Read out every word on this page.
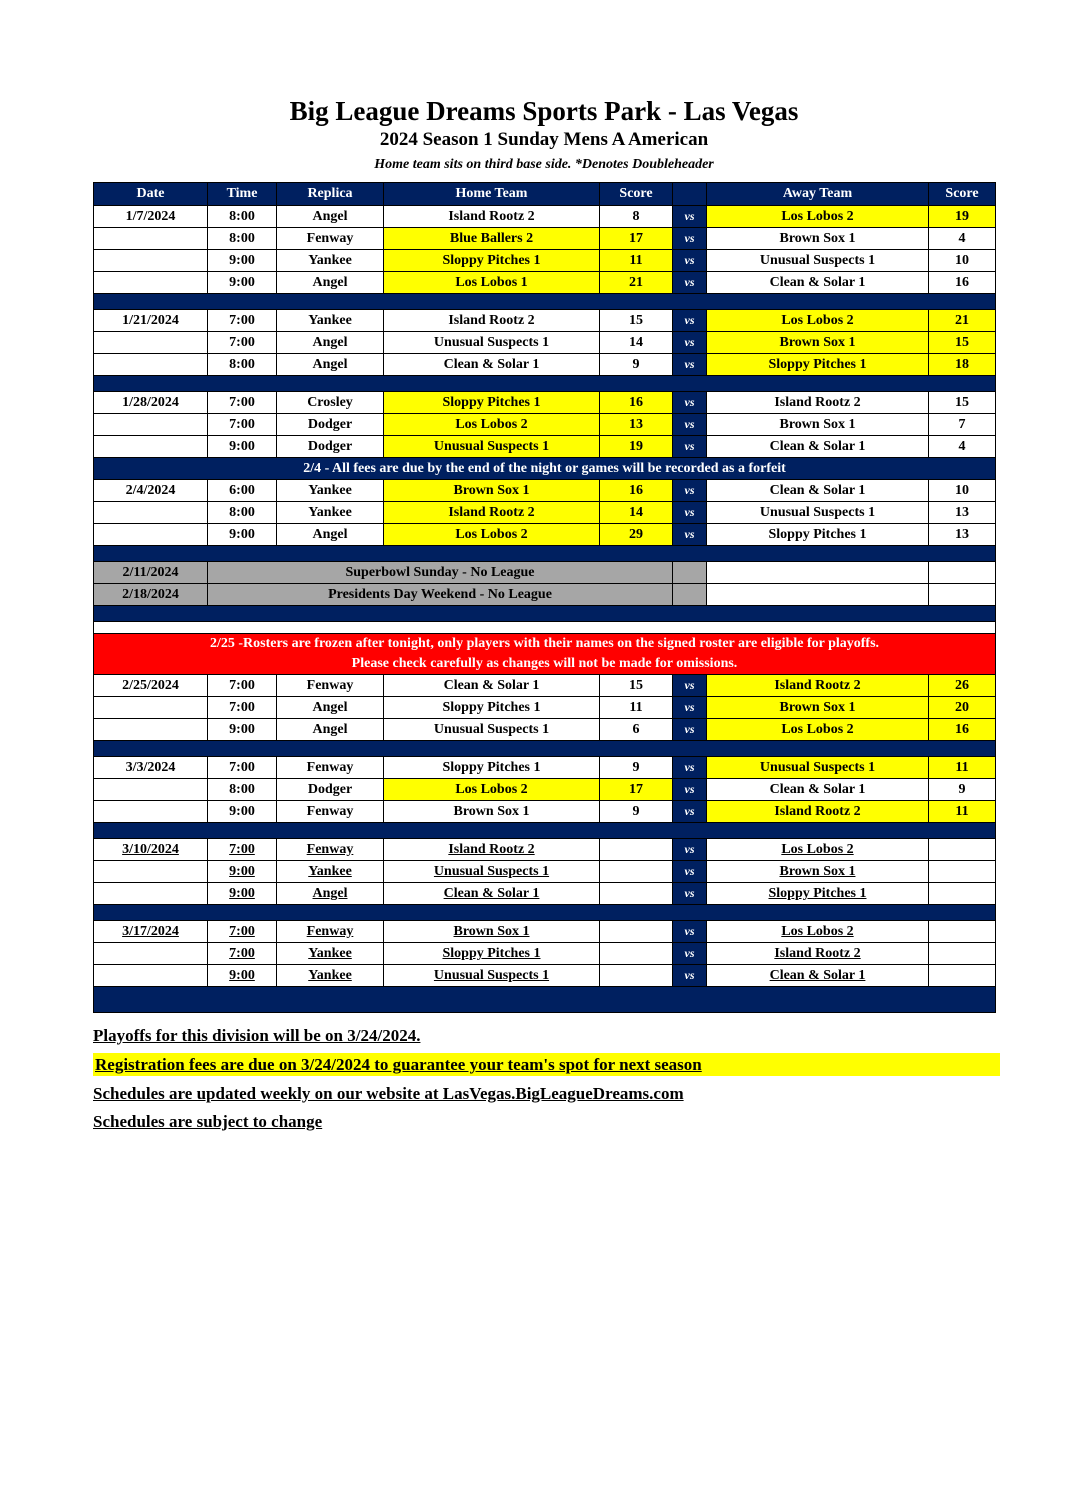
Big League Dreams Sports Park - Las Vegas
2024 Season 1 Sunday Mens A American
Home team sits on third base side. *Denotes Doubleheader
Date	Time	Replica	Home Team	Score		Away Team	Score
1/7/2024	8:00	Angel	Island Rootz 2	8	vs	Los Lobos 2	19
	8:00	Fenway	Blue Ballers 2	17	vs	Brown Sox 1	4
	9:00	Yankee	Sloppy Pitches 1	11	vs	Unusual Suspects 1	10
	9:00	Angel	Los Lobos 1	21	vs	Clean & Solar 1	16

1/21/2024	7:00	Yankee	Island Rootz 2	15	vs	Los Lobos 2	21
	7:00	Angel	Unusual Suspects 1	14	vs	Brown Sox 1	15
	8:00	Angel	Clean & Solar 1	9	vs	Sloppy Pitches 1	18

1/28/2024	7:00	Crosley	Sloppy Pitches 1	16	vs	Island Rootz 2	15
	7:00	Dodger	Los Lobos 2	13	vs	Brown Sox 1	7
	9:00	Dodger	Unusual Suspects 1	19	vs	Clean & Solar 1	4

2/4 - All fees are due by the end of the night or games will be recorded as a forfeit							

2/4/2024	6:00	Yankee	Brown Sox 1	16	vs	Clean & Solar 1	10
	8:00	Yankee	Island Rootz 2	14	vs	Unusual Suspects 1	13
	9:00	Angel	Los Lobos 2	29	vs	Sloppy Pitches 1	13

2/11/2024	Superbowl Sunday - No League						
2/18/2024	Presidents Day Weekend - No League						

2/25 -Rosters are frozen after tonight, only players with their names on the signed roster are eligible for playoffs.
Please check carefully as changes will not be made for omissions.							

2/25/2024	7:00	Fenway	Clean & Solar 1	15	vs	Island Rootz 2	26
	7:00	Angel	Sloppy Pitches 1	11	vs	Brown Sox 1	20
	9:00	Angel	Unusual Suspects 1	6	vs	Los Lobos 2	16

3/3/2024	7:00	Fenway	Sloppy Pitches 1	9	vs	Unusual Suspects 1	11
	8:00	Dodger	Los Lobos 2	17	vs	Clean & Solar 1	9
	9:00	Fenway	Brown Sox 1	9	vs	Island Rootz 2	11

3/10/2024	7:00	Fenway	Island Rootz 2		vs	Los Lobos 2	
	9:00	Yankee	Unusual Suspects 1		vs	Brown Sox 1	
	9:00	Angel	Clean & Solar 1		vs	Sloppy Pitches 1	

3/17/2024	7:00	Fenway	Brown Sox 1		vs	Los Lobos 2	
	7:00	Yankee	Sloppy Pitches 1		vs	Island Rootz 2	
	9:00	Yankee	Unusual Suspects 1		vs	Clean & Solar 1	

Playoffs for this division will be on 3/24/2024.
Registration fees are due on 3/24/2024 to guarantee your team's spot for next season
Schedules are updated weekly on our website at LasVegas.BigLeagueDreams.com
Schedules are subject to change
